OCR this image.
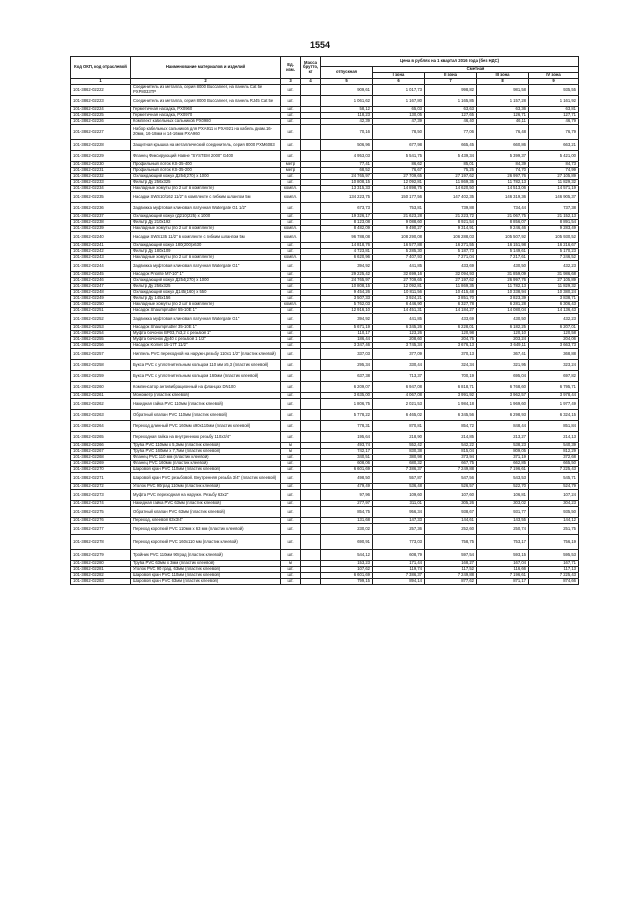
1554
Код ОКП, код отраслевой	Наименование материалов и изделий	Ед. изм.	Масса брутто, кг	Цена в рублях на 1 квартал 2016 года (без НДС)				
				отпускная	Сметная			
					I зона	II зона	III зона	IV зона
1	2	3	4	5	6	7	8	9
101-3862-02222	Соединитель из металла, серия 8000 Buccaneer, на панель Cat 5e PXP8033TP	шт.		909,61	1 017,73	998,82	981,58	935,55
101-3862-02223	Соединитель из металла, серия 8000 Buccaneer, на панель RJ45 Cat 5e	шт.		1 061,62	1 167,80	1 165,85	1 157,28	1 161,92
101-3862-02224	Герметичная насадка, PX0960	шт.		58,12	65,03	63,63	63,36	63,81
101-3862-02225	Герметичная насадка, PX0970	шт.		118,23	130,05	127,65	126,71	127,71
101-3862-02226	Комплект кабельных сальников PX0980	шт.		42,39	47,39	46,40	46,11	46,79
101-3862-02227	Набор кабельных сальников для PXA911 и PXA921 на кабель диам.16-20мм, 16-18мм и 14-16мм PXA960	шт.		70,16	78,50	77,06	76,48	76,79
101-3862-02228	Защитная крышка на металлический соединитель, серия 8000 PXM6083	шт.		506,96	677,98	665,45	660,86	663,21
101-3862-02229	Фланец Фиксирующий Навне "SYSTEM 2000" G400	шт.		4 953,03	5 541,75	5 439,34	5 399,37	5 421,00
101-3862-02230	Профильный лоток KS-35-400	метр		77,41	86,62	85,01	84,39	84,73
101-3862-02231	Профильный лоток KS-35-200	метр		68,52	76,67	75,25	74,70	74,99
101-3862-02232	Охлаждающий кожух Д254(270) x 1000	шт.		24 765,97	27 709,65	27 197,62	26 997,76	27 105,89
101-3862-02233	Фильтр Ду 256x325	шт.		10 808,15	12 092,81	11 869,35	11 782,13	11 829,32
101-3862-02234	Накладные хомуты (по 2 шт в комплекте)	компл.		13 315,33	14 898,75	14 620,50	14 513,06	14 571,19
101-3862-02235	Насадки SWS10/162 11/2" в комплекте с гибким шлангом 5м	компл.		134 223,75	150 177,56	147 402,35	146 319,36	146 905,37
101-3862-02236	Задвижка муфтовая клиновая латунная Watergate G1 1/2"	шт.		673,73	753,81	739,88	734,44	737,38
101-3862-02237	Охлаждающий кожух (Д210(225) x 1000	шт.		19 326,17	21 623,28	21 223,72	21 067,75	21 152,13
101-3862-02238	Фильтр Ду 210x192	шт.		8 123,08	9 088,60	8 921,54	8 856,07	8 891,54
101-3862-02239	Накладные хомуты (по 2 шт в комплекте)	компл.		8 482,09	9 490,27	9 314,91	9 246,46	9 283,49
101-3862-02240	Насадки SWS135 11/2" в комплекте с гибким шлангом 5м	компл.		96 788,08	108 290,08	106 288,03	105 507,92	105 930,52
101-3862-02241	Охлаждающий кожух 180(200)x630	шт.		14 818,76	16 577,88	16 271,55	16 151,98	16 216,67
101-3862-02242	Фильтр Ду 180x109	шт.		4 723,81	5 285,30	5 187,73	5 149,61	5 170,23
101-3862-02243	Накладные хомуты (по 2 шт в комплекте)	компл.		6 620,96	7 407,93	7 271,04	7 217,61	7 246,52
101-3862-02244	Задвижка муфтовая клиновая латунная Watergate G1"	шт.		394,92	441,85	433,69	430,50	432,23
101-3862-02245	Насадок Prioritе M7-10" 1"	шт.		29 225,42	32 699,16	32 094,93	31 859,09	31 986,68
101-3862-02246	Охлаждающий кожух Д254(270) x 1000	шт.		24 765,97	27 709,65	27 197,62	26 997,76	27 105,89
101-3862-02247	Фильтр Ду 256x325	шт.		10 808,15	12 092,81	11 869,35	11 782,13	11 829,32
101-3862-02248	Охлаждающий кожух Д145(160) x 550	шт.		9 454,26	10 811,56	10 415,48	10 338,94	10 380,24
101-3862-02249	Фильтр Ду 145x156	шт.		3 507,33	3 924,21	3 851,70	3 823,39	3 838,71
101-3862-02250	Накладные хомуты (по 2 шт в комплекте)	компл.		5 762,03	6 446,90	6 327,78	6 281,28	6 306,43
101-3862-02251	Насадок Shaumprudler 55-10E 1"	шт.		12 916,10	14 451,31	14 184,27	14 080,04	14 136,43
101-3862-02252	Задвижка муфтовая клиновая латунная Watergate G1"	шт.		394,92	441,85	433,69	430,50	432,23
101-3862-02253	Насадок Shaumprudler 35-10E 1"	шт.		5 671,19	6 345,26	6 228,01	6 182,25	6 207,01
101-3862-02254	Муфта бочонок ВР03,7x3,2 с резьбой 1"	шт.		110,17	123,26	120,98	120,10	120,58
101-3862-02255	Муфта бочонок Ду40 с резьбой 1 1/2"	шт.		186,44	208,60	204,75	203,24	204,06
101-3862-02256	Насадок Komet 15-17T 11/2"	шт.		3 347,46	3 745,34	3 676,13	3 649,11	3 663,73
101-3862-02257	Ниппель PVC переходной на наружн.резьбу 110x1 1/2" (пластик клеевой)	шт.		337,03	377,09	370,13	367,41	368,88
101-3862-02258	Букса PVC с уплотнительным кольцом 110 мм x5,3 (пластик клеевой)	шт.		295,34	330,44	324,34	321,95	323,24
101-3862-02259	Букса PVC с уплотнительным кольцом 160мм (пластик клеевой)	шт.		637,38	713,37	700,19	695,04	697,82
101-3862-02260	Компенсатор антивибрационный на фланцах DN100	шт.		6 209,07	6 947,08	6 818,71	6 768,60	6 795,71
101-3862-02261	Монометр (пластик клеевой)	шт.		3 635,00	4 067,08	3 991,92	3 962,57	3 978,44
101-3862-02262	Накидная гайка PVC 110мм (пластик клеевой)	шт.		1 806,75	2 021,53	1 984,18	1 969,60	1 977,49
101-3862-02263	Обратный клапан PVC 110мм (пластик клеевой)	шт.		5 778,22	6 465,02	6 345,56	6 298,93	6 324,15
101-3862-02264	Переход длинный PVC 160мм x90x110мм (пластик клеевой)	шт.		778,31	870,81	854,72	848,44	851,84
101-3862-02265	Переходная гайка на внутреннюю резьбу 110x3/4"	шт.		195,64	218,90	214,85	213,27	214,13
101-3862-02266	Труба PVC 110мм x 5,3мм (пластик клеевой)	м		493,74	552,42	542,22	538,23	540,39
101-3862-02267	Труба PVC 160мм x 7,7мм (пластик клеевой)	м		742,17	830,38	815,04	809,05	812,29
101-3862-02268	Фланец PVC 110 мм (пластик клеевой)	шт.		340,51	380,98	373,94	371,19	372,68
101-3862-02269	Фланец PVC 160мм (пластик клеевой)	шт.		608,06	680,32	667,75	662,85	665,50
101-3862-02270	Шаровой кран PVC 110мм (пластик клеевой)	шт.		6 601,69	7 386,37	7 249,88	7 196,61	7 225,43
101-3862-02271	Шаровой кран PVC резьбовой. Внутренняя резьба 3/4" (пластик клеевой)	шт.		498,50	557,87	547,56	543,53	545,71
101-3862-02272	Уголок PVC 90град 110мм (пластик клеевой)	шт.		479,49	536,48	526,57	522,70	524,79
101-3862-02273	Муфта PVC переходная на наружн. Резьбу 63x2"	шт.		97,96	109,60	107,60	106,81	107,24
101-3862-02274	Накидная гайка PVC 63мм (пластик клеевой)	шт.		277,97	311,01	305,26	303,02	304,23
101-3862-02275	Обратный клапан PVC 63мм (пластик клеевой)	шт.		854,75	956,34	938,67	931,77	935,50
101-3862-02276	Переход, клеевой 63x3/4"	шт.		131,68	147,33	144,61	143,55	144,12
101-3862-02277	Переход короткий PVC 110мм x 63 мм (пластик клеевой)	шт.		230,02	257,36	252,60	250,74	251,75
101-3862-02278	Переход короткий PVC 160x110 мм (пластик клеевой)	шт.		690,91	773,03	758,75	753,17	756,19
101-3862-02279	Тройник PVC 110мм 90град (пластик клеевой)	шт.		544,12	608,79	597,54	593,15	595,53
101-3862-02280	Труба PVC 63мм x 3мм (пластик клеевой)	м		153,23	171,44	168,27	167,04	167,71
101-3862-02281	Уголок PVC 90 град. 63мм (пластик клеевой)	шт.		107,62	119,74	117,52	116,66	117,13
101-3862-02282	Шаровой кран PVC 110мм (пластик клеевой)	шт.		6 601,69	7 386,37	7 249,88	7 196,61	7 225,43
101-3862-02283	Шаровой кран PVC 63мм (пластик клеевой)	шт.		799,15	894,14	877,62	871,17	874,66
